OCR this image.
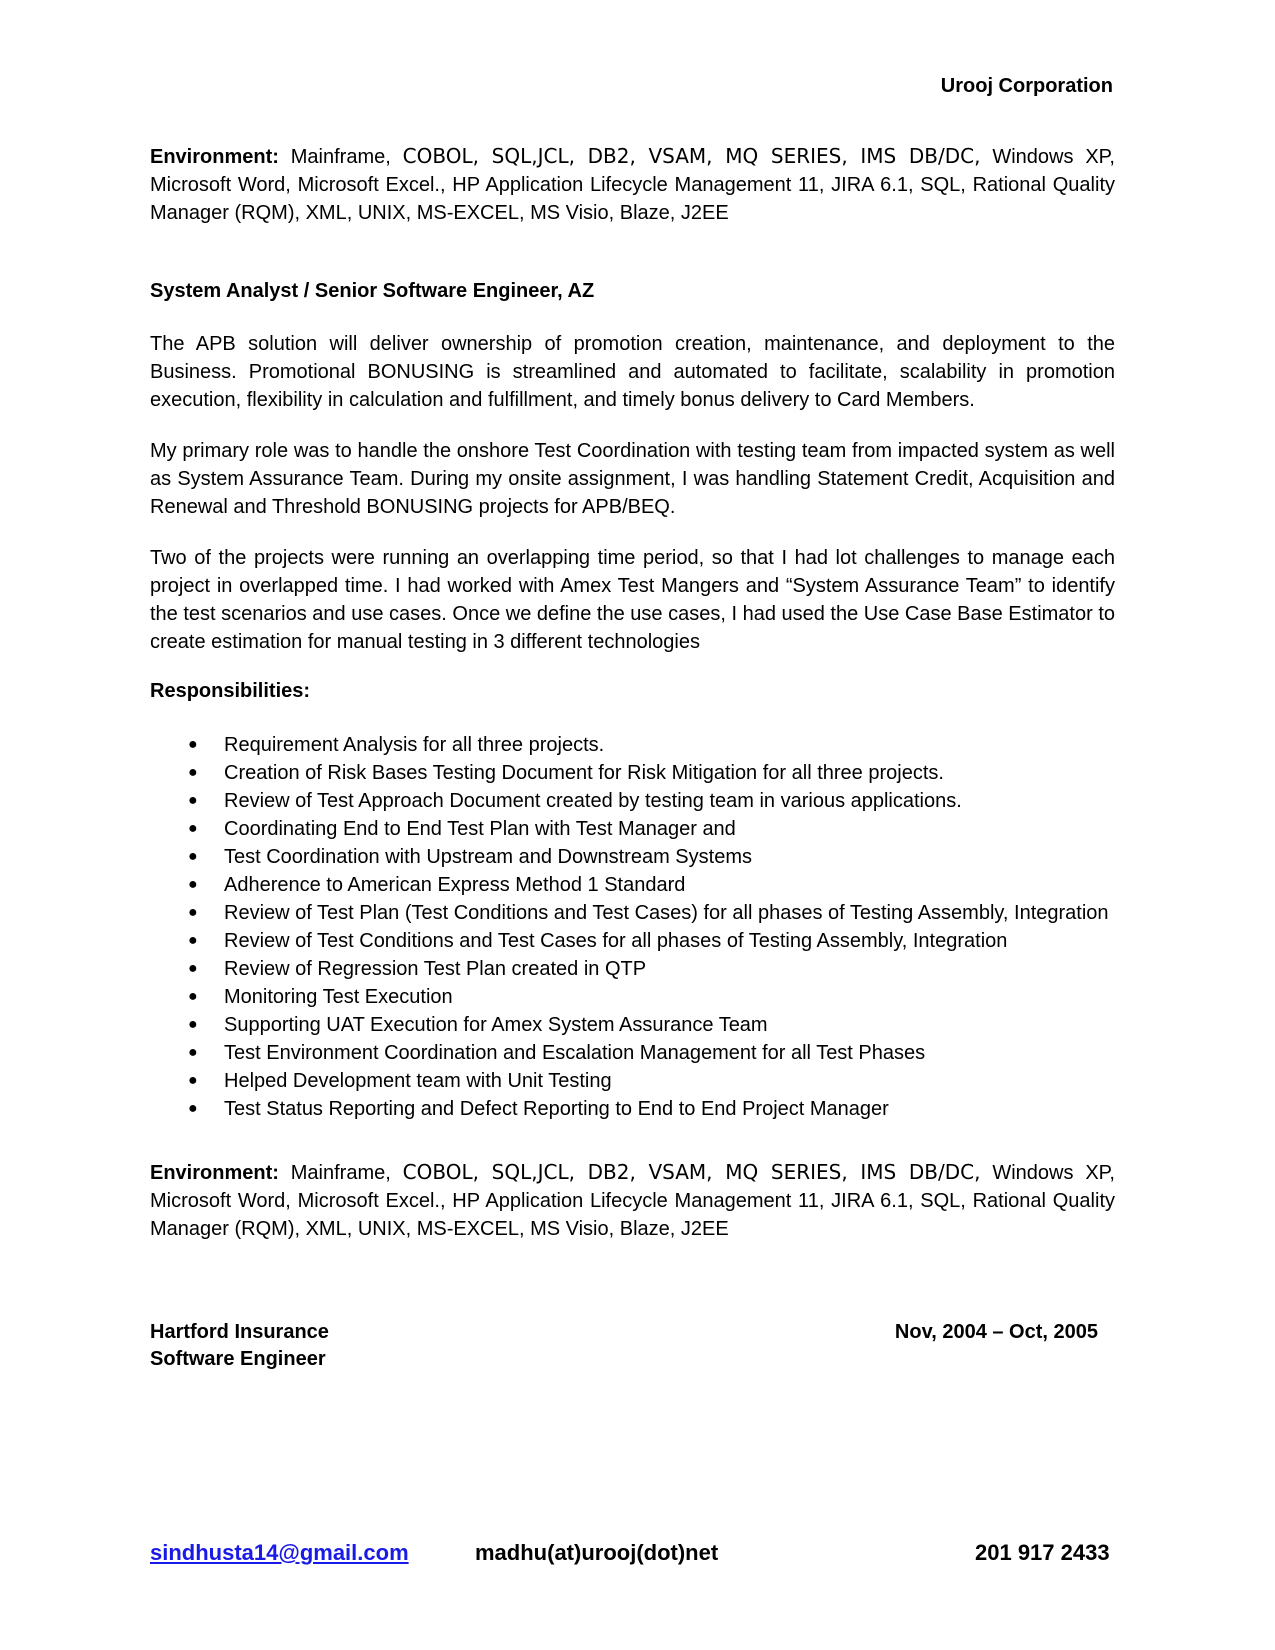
Urooj Corporation
Environment: Mainframe, COBOL, SQL,JCL, DB2, VSAM, MQ SERIES, IMS DB/DC, Windows XP, Microsoft Word, Microsoft Excel., HP Application Lifecycle Management 11, JIRA 6.1, SQL, Rational Quality Manager (RQM), XML, UNIX, MS-EXCEL, MS Visio, Blaze, J2EE
System Analyst / Senior Software Engineer, AZ
The APB solution will deliver ownership of promotion creation, maintenance, and deployment to the Business. Promotional BONUSING is streamlined and automated to facilitate, scalability in promotion execution, flexibility in calculation and fulfillment, and timely bonus delivery to Card Members.
My primary role was to handle the onshore Test Coordination with testing team from impacted system as well as System Assurance Team. During my onsite assignment, I was handling Statement Credit, Acquisition and Renewal and Threshold BONUSING projects for APB/BEQ.
Two of the projects were running an overlapping time period, so that I had lot challenges to manage each project in overlapped time. I had worked with Amex Test Mangers and “System Assurance Team” to identify the test scenarios and use cases. Once we define the use cases, I had used the Use Case Base Estimator to create estimation for manual testing in 3 different technologies
Responsibilities:
● Requirement Analysis for all three projects.
● Creation of Risk Bases Testing Document for Risk Mitigation for all three projects.
● Review of Test Approach Document created by testing team in various applications.
● Coordinating End to End Test Plan with Test Manager and
● Test Coordination with Upstream and Downstream Systems
● Adherence to American Express Method 1 Standard
● Review of Test Plan (Test Conditions and Test Cases) for all phases of Testing Assembly, Integration
● Review of Test Conditions and Test Cases for all phases of Testing Assembly, Integration
● Review of Regression Test Plan created in QTP
● Monitoring Test Execution
● Supporting UAT Execution for Amex System Assurance Team
● Test Environment Coordination and Escalation Management for all Test Phases
● Helped Development team with Unit Testing
● Test Status Reporting and Defect Reporting to End to End Project Manager
Environment: Mainframe, COBOL, SQL,JCL, DB2, VSAM, MQ SERIES, IMS DB/DC, Windows XP, Microsoft Word, Microsoft Excel., HP Application Lifecycle Management 11, JIRA 6.1, SQL, Rational Quality Manager (RQM), XML, UNIX, MS-EXCEL, MS Visio, Blaze, J2EE
Hartford Insurance	Nov, 2004 – Oct, 2005
Software Engineer
sindhusta14@gmail.com	madhu(at)urooj(dot)net	201 917 2433
